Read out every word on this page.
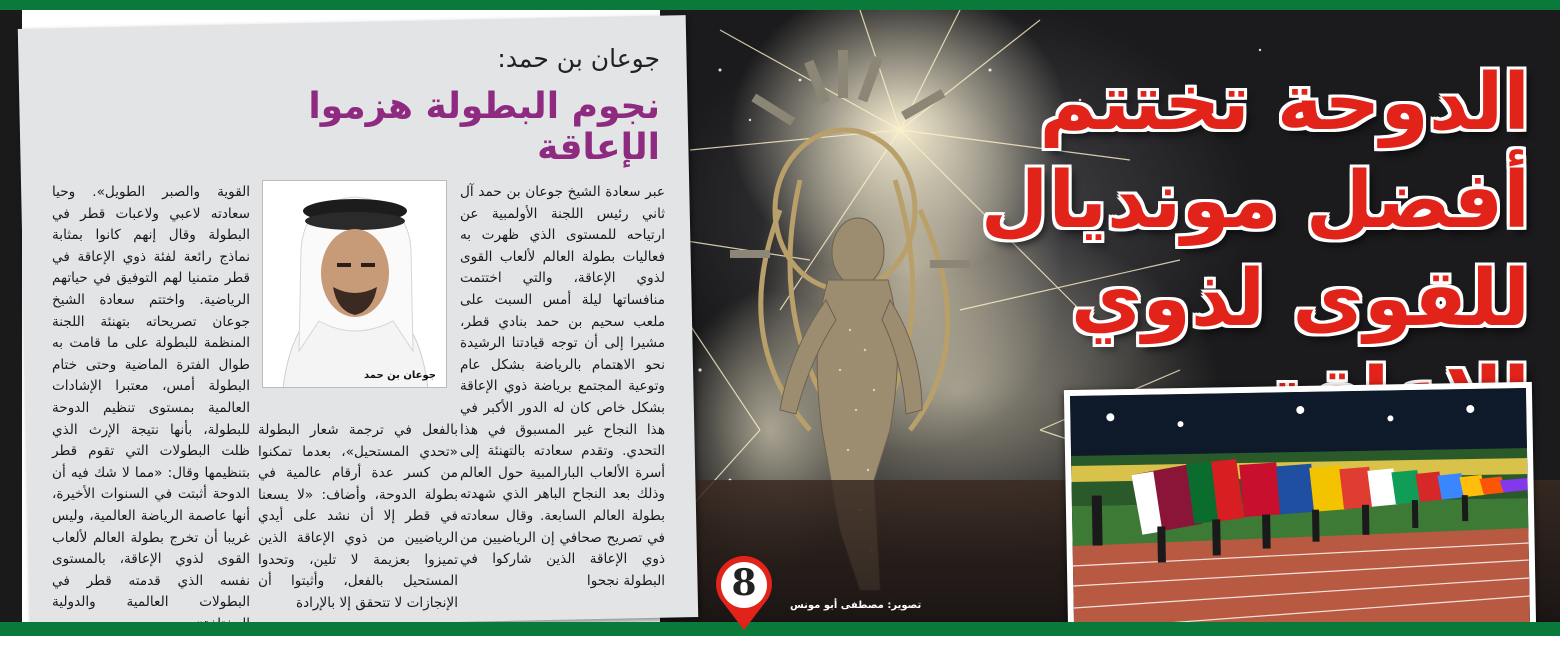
الدوحة تختتم
أفضل مونديال
للقوى لذوي
جوعان بن حمد:
نجوم البطولة هزموا الإعاقة
جوعان بن حمد
عبر سعادة الشيخ جوعان بن حمد آل ثاني رئيس اللجنة الأولمبية عن ارتياحه للمستوى الذي ظهرت به فعاليات بطولة العالم لألعاب القوى لذوي الإعاقة، والتي اختتمت منافساتها ليلة أمس السبت على ملعب سحيم بن حمد بنادي قطر، مشيرا إلى أن توجه قيادتنا الرشيدة نحو الاهتمام بالرياضة بشكل عام وتوعية المجتمع برياضة ذوي الإعاقة بشكل خاص كان له الدور الأكبر في هذا النجاح غير المسبوق في هذا التحدي. وتقدم سعادته بالتهنئة إلى أسرة الألعاب البارالمبية حول العالم وذلك بعد النجاح الباهر الذي شهدته بطولة العالم السابعة. وقال سعادته في تصريح صحافي إن الرياضيين من ذوي الإعاقة الذين شاركوا في البطولة نجحوا
بالفعل في ترجمة شعار البطولة «تحدي المستحيل»، بعدما تمكنوا من كسر عدة أرقام عالمية في بطولة الدوحة، وأضاف: «لا يسعنا في قطر إلا أن نشد على أيدي الرياضيين من ذوي الإعاقة الذين تميزوا بعزيمة لا تلين، وتحدوا المستحيل بالفعل، وأثبتوا أن الإنجازات لا تتحقق إلا بالإرادة
القوية والصبر الطويل». وحيا سعادته لاعبي ولاعبات قطر في البطولة وقال إنهم كانوا بمثابة نماذج رائعة لفئة ذوي الإعاقة في قطر متمنيا لهم التوفيق في حياتهم الرياضية. واختتم سعادة الشيخ جوعان تصريحاته بتهنئة اللجنة المنظمة للبطولة على ما قامت به طوال الفترة الماضية وحتى ختام البطولة أمس، معتبرا الإشادات العالمية بمستوى تنظيم الدوحة للبطولة، بأنها نتيجة الإرث الذي ظلت البطولات التي تقوم قطر بتنظيمها وقال: «مما لا شك فيه أن الدوحة أثبتت في السنوات الأخيرة، أنها عاصمة الرياضة العالمية، وليس غريبا أن تخرج بطولة العالم لألعاب القوى لذوي الإعاقة، بالمستوى نفسه الذي قدمته قطر في البطولات العالمية والدولية	تصوير: مصطفى أبو مونس
8
